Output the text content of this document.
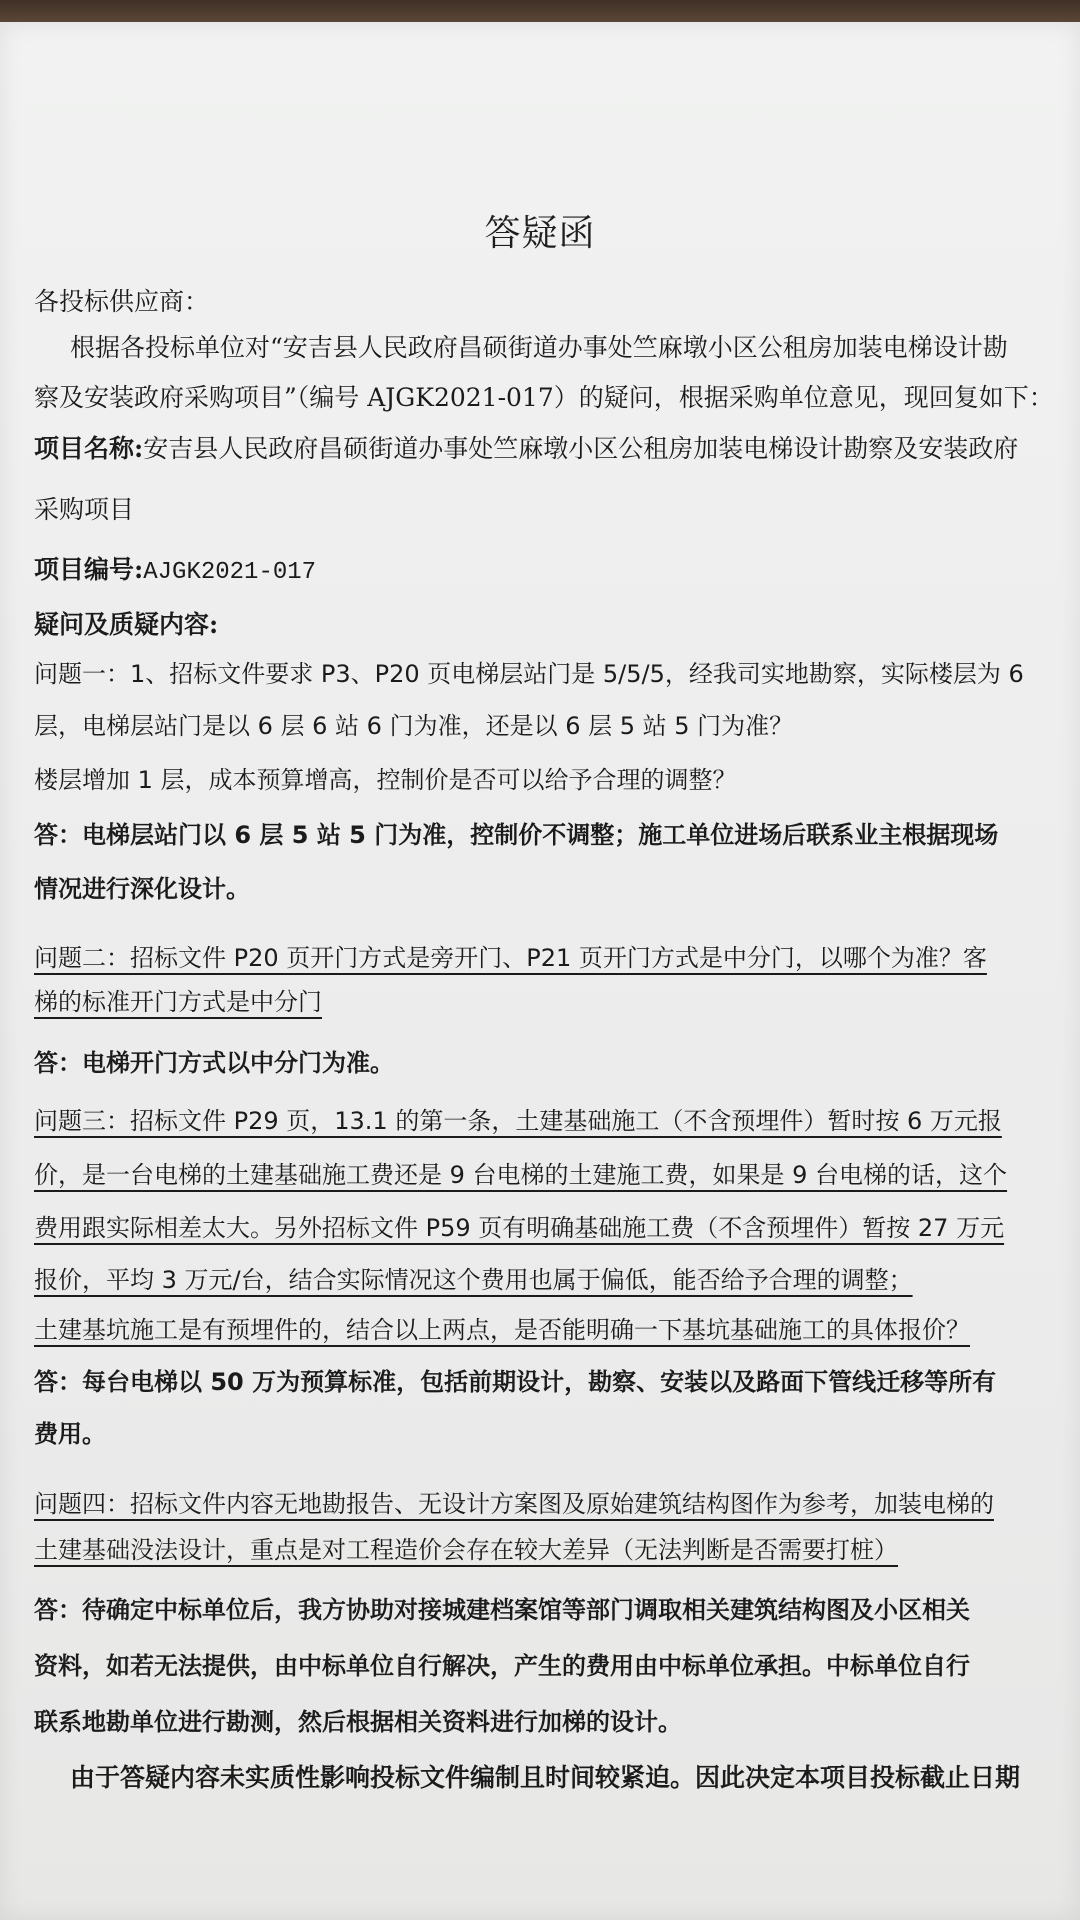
答疑函
各投标供应商：
根据各投标单位对“安吉县人民政府昌硕街道办事处竺麻墩小区公租房加装电梯设计勘
察及安装政府采购项目”（编号 AJGK2021-017）的疑问，根据采购单位意见，现回复如下：
项目名称:安吉县人民政府昌硕街道办事处竺麻墩小区公租房加装电梯设计勘察及安装政府
采购项目
项目编号:AJGK2021-017
疑问及质疑内容:
问题一：1、招标文件要求 P3、P20 页电梯层站门是 5/5/5，经我司实地勘察，实际楼层为 6
层，电梯层站门是以 6 层 6 站 6 门为准，还是以 6 层 5 站 5 门为准？
楼层增加 1 层，成本预算增高，控制价是否可以给予合理的调整？
答：电梯层站门以 6 层 5 站 5 门为准，控制价不调整；施工单位进场后联系业主根据现场
情况进行深化设计。
问题二：招标文件 P20 页开门方式是旁开门、P21 页开门方式是中分门，以哪个为准？客
梯的标准开门方式是中分门
答：电梯开门方式以中分门为准。
问题三：招标文件 P29 页，13.1 的第一条，土建基础施工（不含预埋件）暂时按 6 万元报
价，是一台电梯的土建基础施工费还是 9 台电梯的土建施工费，如果是 9 台电梯的话，这个
费用跟实际相差太大。另外招标文件 P59 页有明确基础施工费（不含预埋件）暂按 27 万元
报价，平均 3 万元/台，结合实际情况这个费用也属于偏低，能否给予合理的调整；
土建基坑施工是有预埋件的，结合以上两点，是否能明确一下基坑基础施工的具体报价？
答：每台电梯以 50 万为预算标准，包括前期设计，勘察、安装以及路面下管线迁移等所有
费用。
问题四：招标文件内容无地勘报告、无设计方案图及原始建筑结构图作为参考，加装电梯的
土建基础没法设计，重点是对工程造价会存在较大差异（无法判断是否需要打桩）
答：待确定中标单位后，我方协助对接城建档案馆等部门调取相关建筑结构图及小区相关
资料，如若无法提供，由中标单位自行解决，产生的费用由中标单位承担。中标单位自行
联系地勘单位进行勘测，然后根据相关资料进行加梯的设计。
由于答疑内容未实质性影响投标文件编制且时间较紧迫。因此决定本项目投标截止日期
